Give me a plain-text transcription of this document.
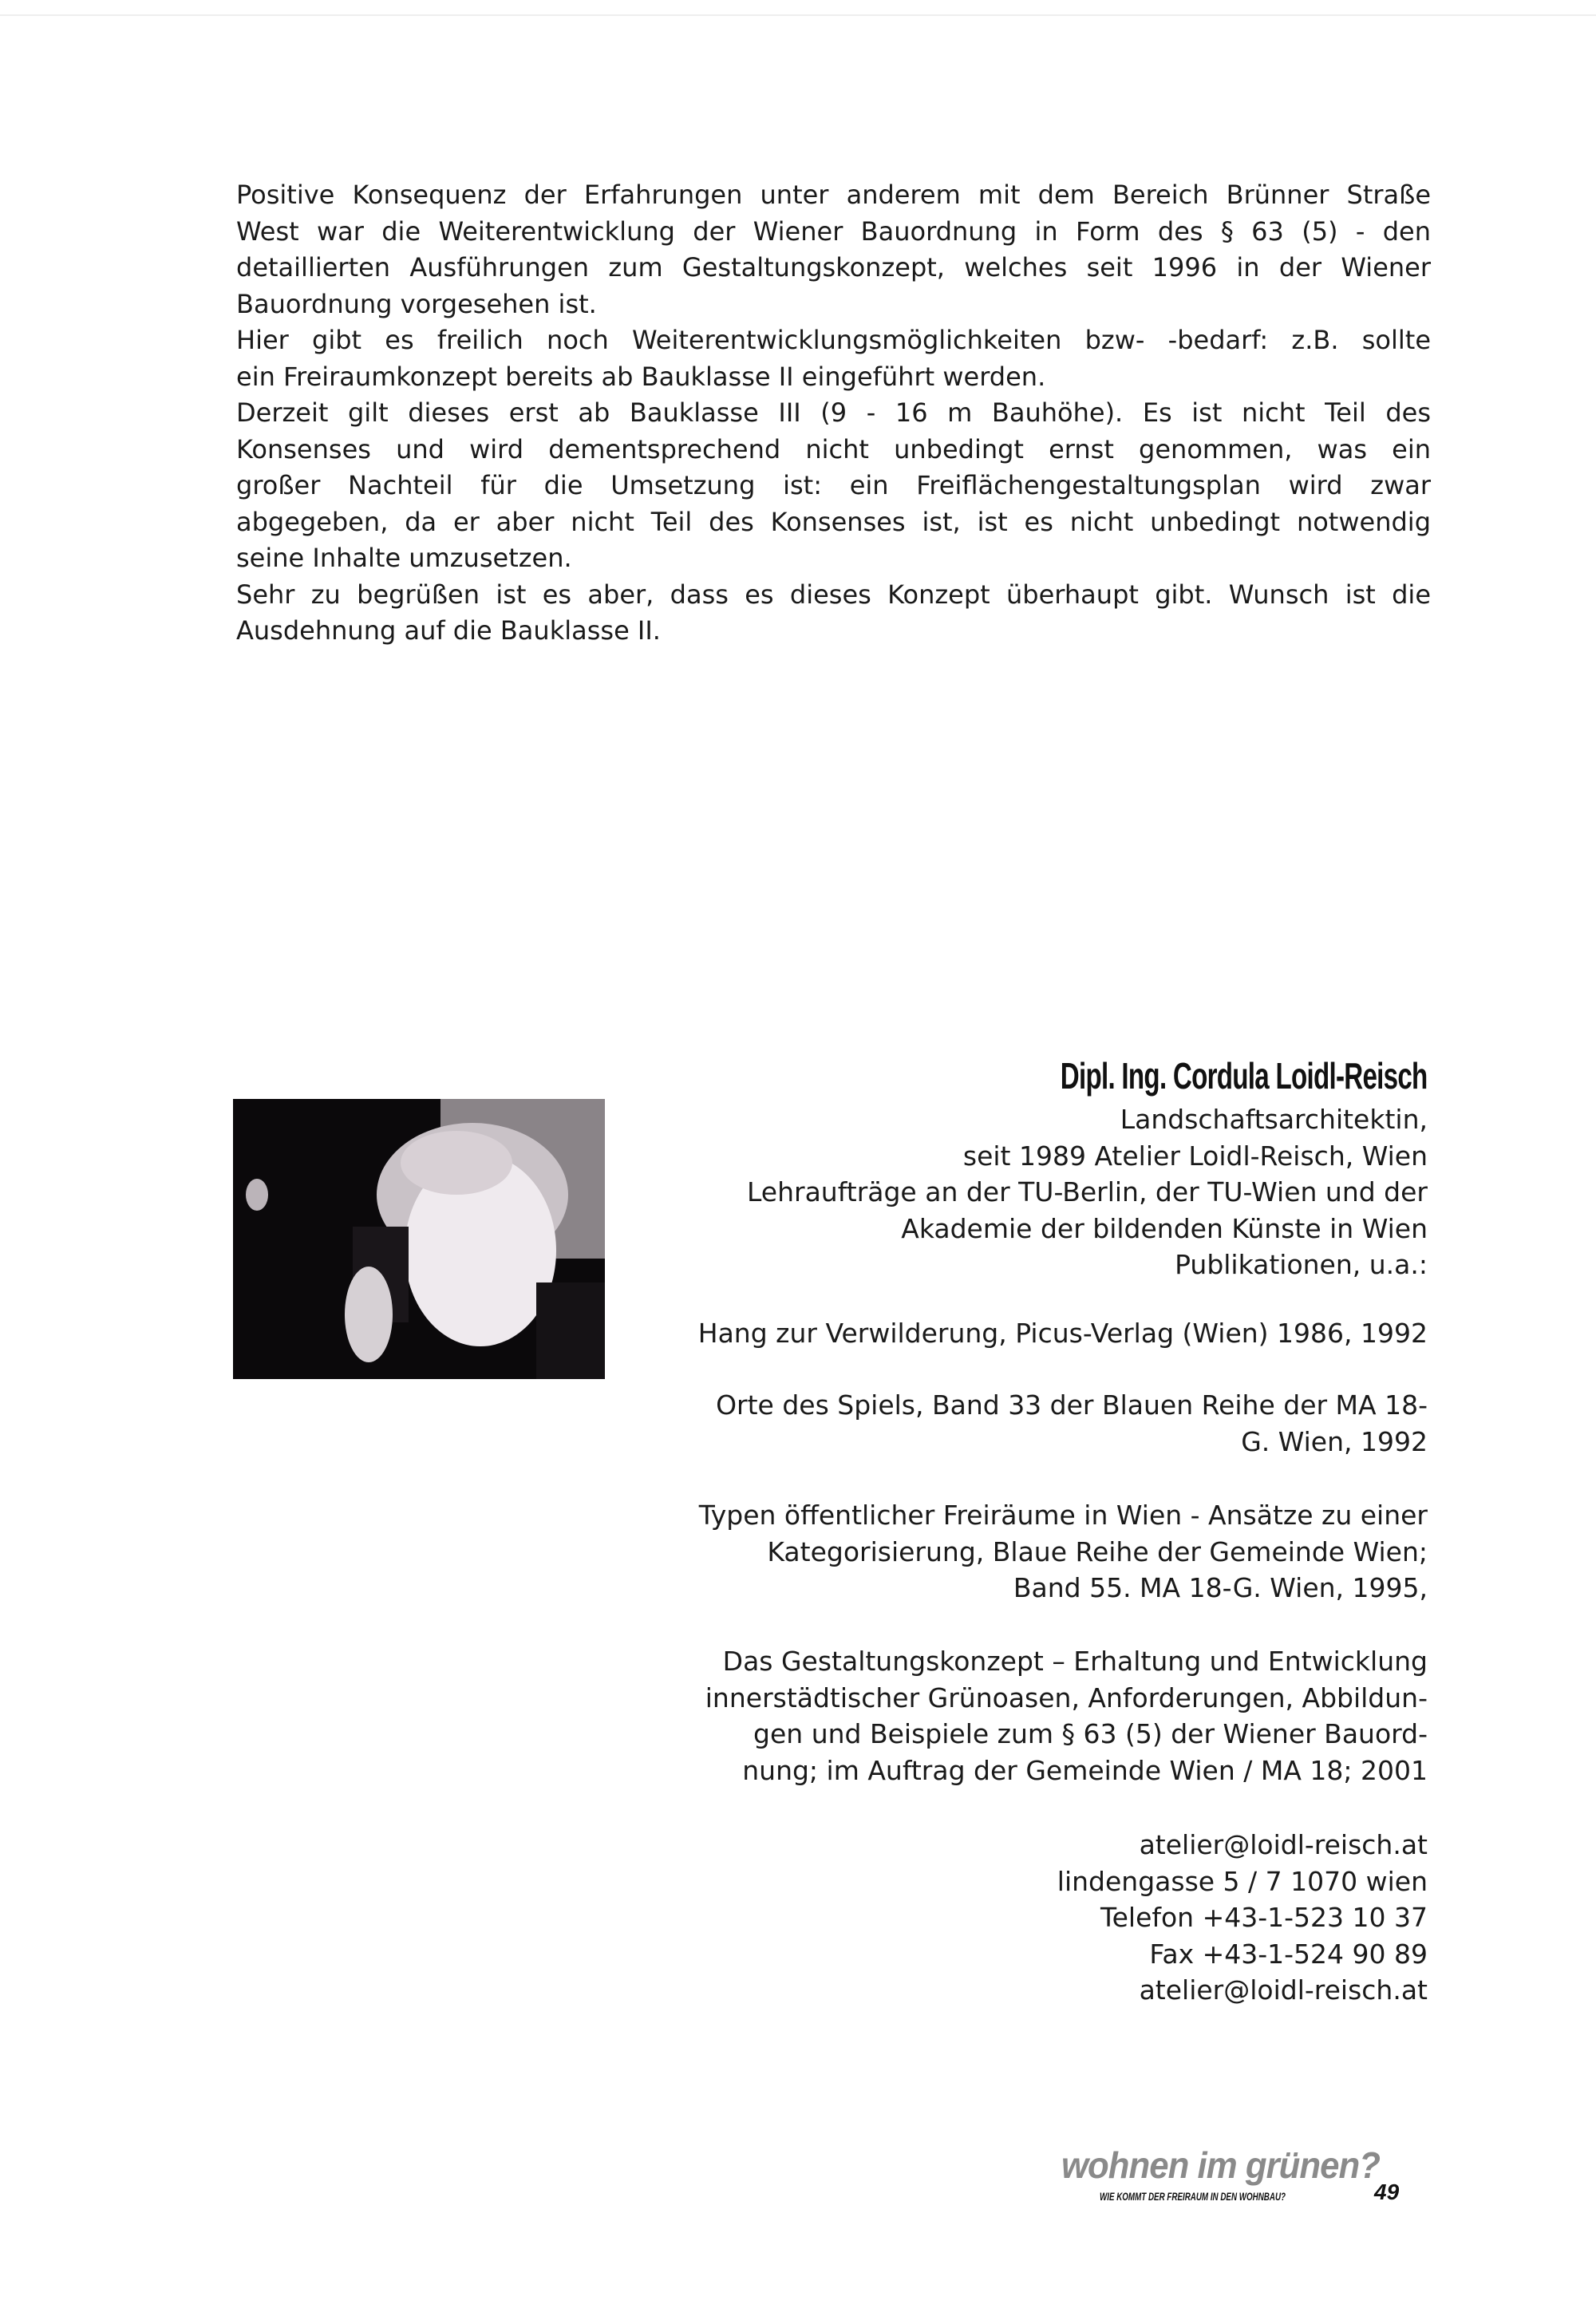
Positive Konsequenz der Erfahrungen unter anderem mit dem Bereich Brünner Straße
West war die Weiterentwicklung der Wiener Bauordnung in Form des § 63 (5) - den
detaillierten Ausführungen zum Gestaltungskonzept, welches seit 1996 in der Wiener
Bauordnung vorgesehen ist.
Hier gibt es freilich noch Weiterentwicklungsmöglichkeiten bzw- -bedarf: z.B. sollte
ein Freiraumkonzept bereits ab Bauklasse II eingeführt werden.
Derzeit gilt dieses erst ab Bauklasse III (9 - 16 m Bauhöhe). Es ist nicht Teil des
Konsenses und wird dementsprechend nicht unbedingt ernst genommen, was ein
großer Nachteil für die Umsetzung ist: ein Freiflächengestaltungsplan wird zwar
abgegeben, da er aber nicht Teil des Konsenses ist, ist es nicht unbedingt notwendig
seine Inhalte umzusetzen.
Sehr zu begrüßen ist es aber, dass es dieses Konzept überhaupt gibt. Wunsch ist die
Ausdehnung auf die Bauklasse II.
Dipl. Ing. Cordula Loidl-Reisch
Landschaftsarchitektin,
seit 1989 Atelier Loidl-Reisch, Wien
Lehraufträge an der TU-Berlin, der TU-Wien und der
Akademie der bildenden Künste in Wien
Publikationen, u.a.:
Hang zur Verwilderung, Picus-Verlag (Wien) 1986, 1992
Orte des Spiels, Band 33 der Blauen Reihe der MA 18-
G. Wien, 1992
Typen öffentlicher Freiräume in Wien - Ansätze zu einer
Kategorisierung, Blaue Reihe der Gemeinde Wien;
Band 55. MA 18-G. Wien, 1995,
Das Gestaltungskonzept – Erhaltung und Entwicklung
innerstädtischer Grünoasen, Anforderungen, Abbildun-
gen und Beispiele zum § 63 (5) der Wiener Bauord-
nung; im Auftrag der Gemeinde Wien / MA 18; 2001
atelier@loidl-reisch.at
lindengasse 5 / 7 1070 wien
Telefon +43-1-523 10 37
Fax +43-1-524 90 89
atelier@loidl-reisch.at
wohnen im grünen?
WIE KOMMT DER FREIRAUM IN DEN WOHNBAU?	49
